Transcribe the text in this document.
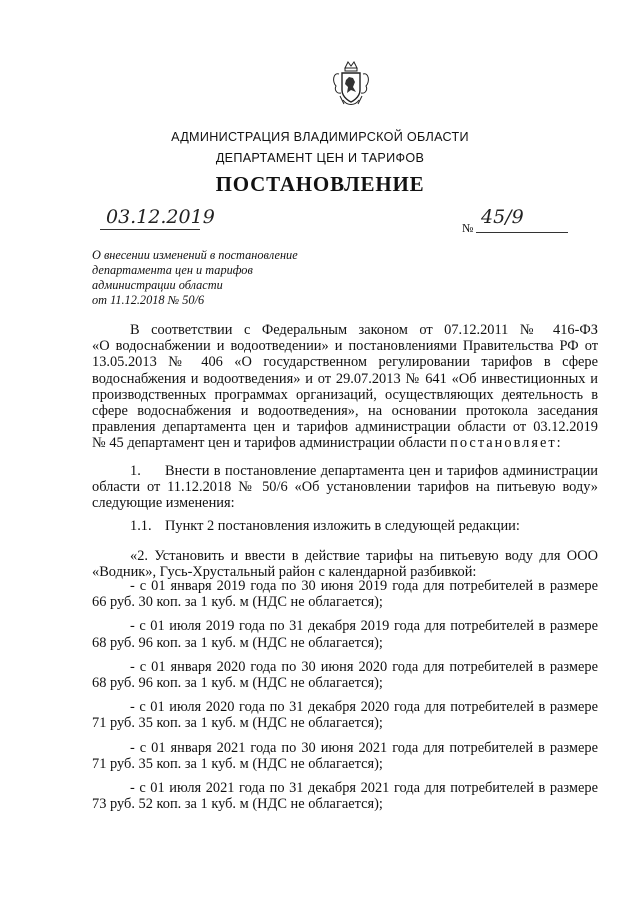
АДМИНИСТРАЦИЯ ВЛАДИМИРСКОЙ ОБЛАСТИ
ДЕПАРТАМЕНТ ЦЕН И ТАРИФОВ
ПОСТАНОВЛЕНИЕ
03.12.2019	№ 45/9
О внесении изменений в постановление
департамента цен и тарифов
администрации области
от 11.12.2018 № 50/6
В соответствии с Федеральным законом от 07.12.2011 № 416-ФЗ
«О водоснабжении и водоотведении» и постановлениями Правительства РФ от
13.05.2013 № 406 «О государственном регулировании тарифов в сфере
водоснабжения и водоотведения» и от 29.07.2013 № 641 «Об инвестиционных и
производственных программах организаций, осуществляющих деятельность в
сфере водоснабжения и водоотведения», на основании протокола заседания
правления департамента цен и тарифов администрации области от 03.12.2019
№ 45 департамент цен и тарифов администрации области постановляет:
1. Внести в постановление департамента цен и тарифов администрации
области от 11.12.2018 № 50/6 «Об установлении тарифов на питьевую воду»
следующие изменения:
1.1. Пункт 2 постановления изложить в следующей редакции:
«2. Установить и ввести в действие тарифы на питьевую воду для ООО
«Водник», Гусь-Хрустальный район с календарной разбивкой:
- с 01 января 2019 года по 30 июня 2019 года для потребителей в размере
66 руб. 30 коп. за 1 куб. м (НДС не облагается);
- с 01 июля 2019 года по 31 декабря 2019 года для потребителей в размере
68 руб. 96 коп. за 1 куб. м (НДС не облагается);
- с 01 января 2020 года по 30 июня 2020 года для потребителей в размере
68 руб. 96 коп. за 1 куб. м (НДС не облагается);
- с 01 июля 2020 года по 31 декабря 2020 года для потребителей в размере
71 руб. 35 коп. за 1 куб. м (НДС не облагается);
- с 01 января 2021 года по 30 июня 2021 года для потребителей в размере
71 руб. 35 коп. за 1 куб. м (НДС не облагается);
- с 01 июля 2021 года по 31 декабря 2021 года для потребителей в размере
73 руб. 52 коп. за 1 куб. м (НДС не облагается);
